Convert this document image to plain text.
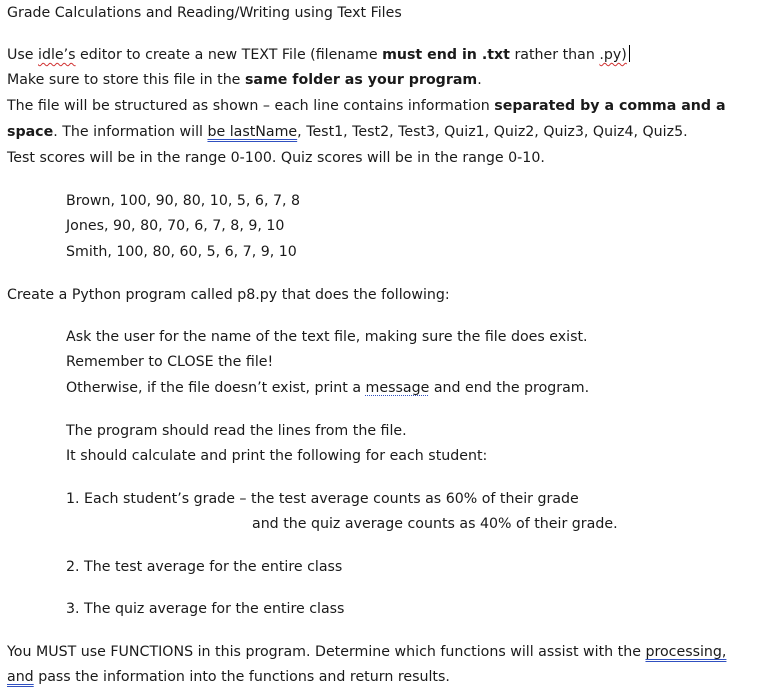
Grade Calculations and Reading/Writing using Text Files
Use idle’s editor to create a new TEXT File (filename must end in .txt rather than .py)
Make sure to store this file in the same folder as your program.
The file will be structured as shown – each line contains information separated by a comma and a
space. The information will be lastName, Test1, Test2, Test3, Quiz1, Quiz2, Quiz3, Quiz4, Quiz5.
Test scores will be in the range 0-100. Quiz scores will be in the range 0-10.
Brown, 100, 90, 80, 10, 5, 6, 7, 8
Jones, 90, 80, 70, 6, 7, 8, 9, 10
Smith, 100, 80, 60, 5, 6, 7, 9, 10
Create a Python program called p8.py that does the following:
Ask the user for the name of the text file, making sure the file does exist.
Remember to CLOSE the file!
Otherwise, if the file doesn’t exist, print a message and end the program.
The program should read the lines from the file.
It should calculate and print the following for each student:
1. Each student’s grade – the test average counts as 60% of their grade
and the quiz average counts as 40% of their grade.
2. The test average for the entire class
3. The quiz average for the entire class
You MUST use FUNCTIONS in this program. Determine which functions will assist with the processing,
and pass the information into the functions and return results.
